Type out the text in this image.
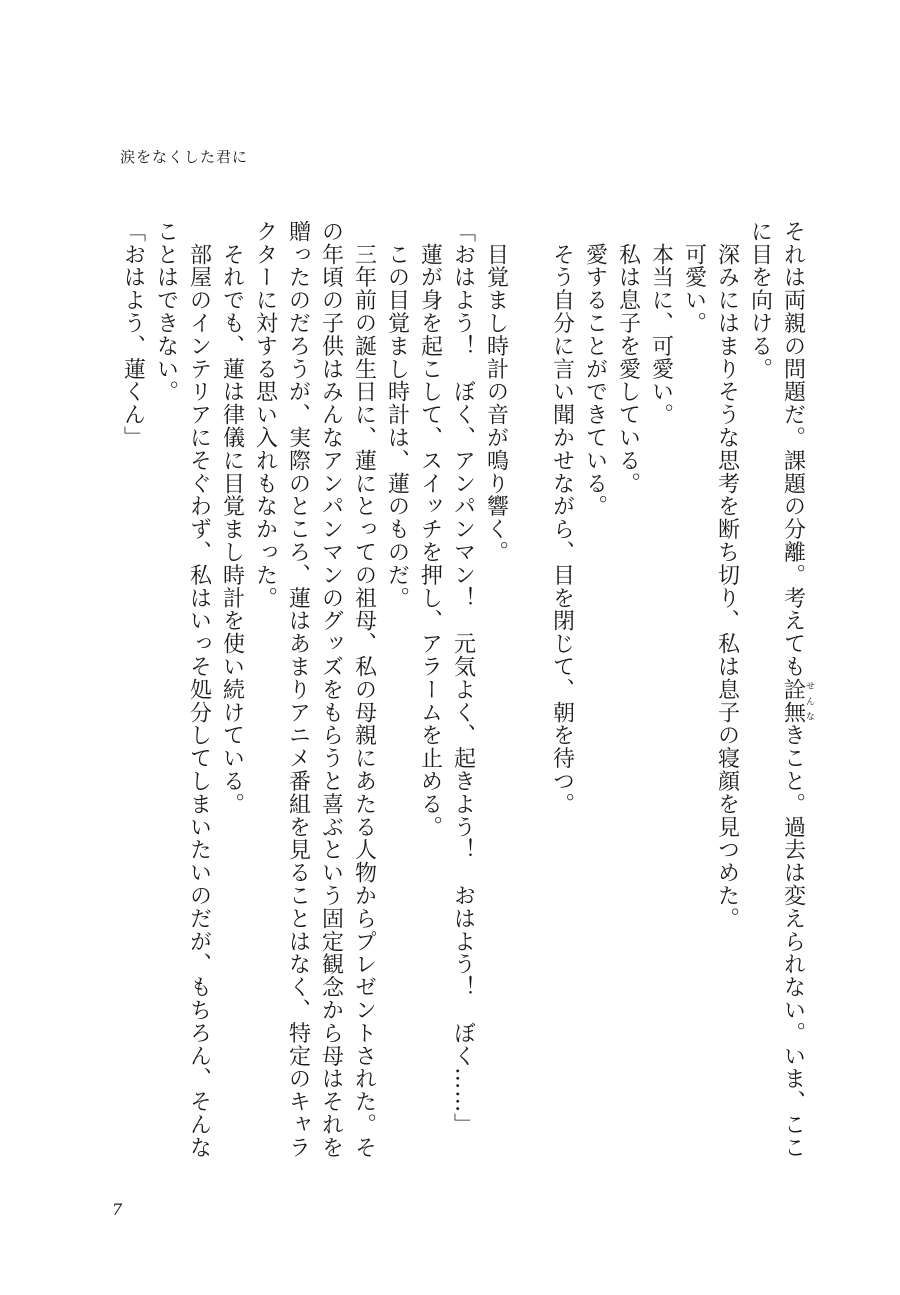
涙をなくした君に

それは両親の問題だ。課題の分離。考えても詮無せんなきこと。過去は変えられない。いま、ここに目を向ける。

　深みにはまりそうな思考を断ち切り、私は息子の寝顔を見つめた。

　可愛い。

　本当に、可愛い。

　私は息子を愛している。

　愛することができている。

　そう自分に言い聞かせながら、目を閉じて、朝を待つ。

　目覚まし時計の音が鳴り響く。

「おはよう！　ぼく、アンパンマン！　元気よく、起きよう！　おはよう！　ぼく……」

　蓮が身を起こして、スイッチを押し、アラームを止める。

　この目覚まし時計は、蓮のものだ。

　三年前の誕生日に、蓮にとっての祖母、私の母親にあたる人物からプレゼントされた。その年頃の子供はみんなアンパンマンのグッズをもらうと喜ぶという固定観念から母はそれを贈ったのだろうが、実際のところ、蓮はあまりアニメ番組を見ることはなく、特定のキャラクターに対する思い入れもなかった。

　それでも、蓮は律儀に目覚まし時計を使い続けている。

　部屋のインテリアにそぐわず、私はいっそ処分してしまいたいのだが、もちろん、そんなことはできない。

「おはよう、蓮くん」

7
